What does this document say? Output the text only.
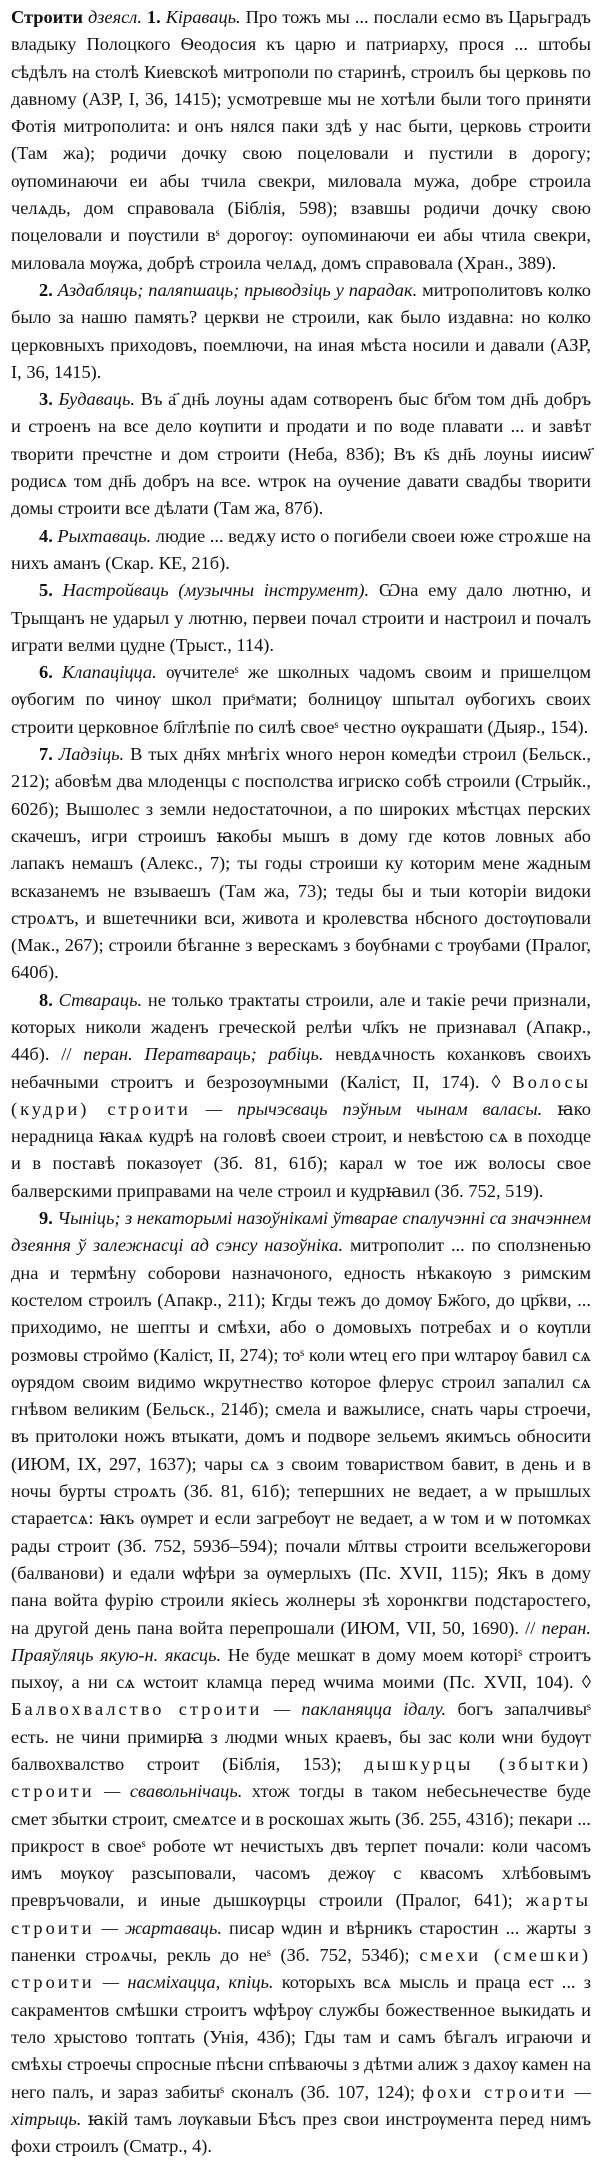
Строити дзеясл. 1. Кіраваць. Про тожъ мы ... послали есмо въ Царьградъ владыку Полоцкого Ѳеодосия къ царю и патриарху, прося ... штобы сѣдѣлъ на столѣ Киевскоѣ митрополи по старинѣ, строилъ бы церковь по давному (АЗР, I, 36, 1415); усмотревше мы не хотѣли были того приняти Фотія митрополита: и онъ нялся паки здѣ у нас быти, церковь строити (Там жа); родичи дочку свою поцеловали и пустили в дорогу; ѹпоминаючи еи абы тчила свекри, миловала мужа, добре строила челѧдь, дом справовала (Біблія, 598); взавшы родичи дочку свою поцеловали и пѹстили вˢ дорогѹ: оупоминаючи еи абы чтила свекри, миловала мѹжа, добрѣ строила челѧд, домъ справовала (Хран., 389).

2. Аздабляць; паляпшаць; прыводзіць у парадак. митрополитовъ колко было за нашю память? церкви не строили, как было издавна: но колко церковныхъ приходовъ, поемлючи, на иная мѣста носили и давали (АЗР, I, 36, 1415).

3. Будаваць. Въ а҃ дн҃ь лоуны адам сотворенъ быс бг҃ом том дн҃ь добръ и строенъ на все дело кѹпити и продати и по воде плавати ... и завѣт творити пречстне и дом строити (Неба, 83б); Въ к҃ѕ дн҃ь лоуны иисиѡ҃ родисѧ том дн҃ь добръ на все. wтрок на оучение давати свадбы творити домы строити все дѣлати (Там жа, 87б).

4. Рыхтаваць. людие ... ведѫу исто о погибели своеи юже строѫше на нихъ аманъ (Скар. КЕ, 21б).

5. Настройваць (музычны інструмент). Ѡна ему дало лютню, и Трыщанъ не ударыл у лютню, первеи почал строити и настроил и почалъ играти велми цудне (Трыст., 114).

6. Клапаціцца. ѹчителеˢ же школных чадомъ своим и пришелцом ѹбогим по чинѹ школ приˢмати; болницѹ шпытал ѹбогихъ своих строити церковное бл҃глѣпіе по силѣ своеˢ честно ѹкрашати (Дыяр., 154).

7. Ладзіць. В тых дн҃ях мнѣгіх ѡного нерон комедѣи строил (Бельск., 212); абовѣм два млоденцы с посполства игриско собѣ строили (Стрыйк., 602б); Вышолес з земли недостаточнои, а по широких мѣстцах перских скачешъ, игри строишъ ꙗкобы мышъ в дому где котов ловных або лапакъ немашъ (Алекс., 7); ты годы строиши ку которим мене жадным всказанемъ не взываешъ (Там жа, 73); теды бы и тыи которіи видоки строѧтъ, и вшетечники вси, живота и кролевства нбсного достѹповали (Мак., 267); строили бѣганне з верескамъ з бѹбнами с трѹбами (Пралог, 640б).

8. Стваpаць. не только трактаты строили, але и такіе речи признали, которых николи жаденъ греческой релѣи чл҃къ не признавал (Апакр., 44б). // перан. Пеpатваpаць; рабіць. невдѧчность коханковъ своихъ небачными строитъ и безрозѹмными (Каліст, II, 174). ◊ Волосы (кудри) строити — прычэсваць пэўным чынам валасы. ꙗко нерадница ꙗкаѧ кудрѣ на головѣ своеи строит, и невѣстою сѧ в походце и в поставѣ показѹет (Зб. 81, 61б); карал ѡ тое иж волосы свое балверскими приправами на челе строил и кудрꙗвил (Зб. 752, 519).

9. Чыніць; з некаторымі назоўнікамі ўтварае спалучэнні са значэннем дзеяння ў залежнасці ад сэнсу назоўніка. митрополит ... по сползненью дна и термѣну соборови назначоного, едность нѣкакѹю з римским костелом строилъ (Апакр., 211); Кгды тежъ до домѹ Бж҃ого, до цр҃кви, ... приходимо, не шепты и смѣхи, або о домовыхъ потребах и о кѹпли розмовы строймо (Каліст, II, 274); тоˢ коли ѡтец его при ѡлтарѹ бавил сѧ ѹрядом своим видимо ѡкрутнество которое флерус строил запалил сѧ гнѣвом великим (Бельск., 214б); смела и важылисе, снать чары строечи, въ притолоки ножъ втыкати, домъ и подворе зельемъ якимъсь обносити (ИЮМ, IX, 297, 1637); чары сѧ з своим товариством бавит, в день и в ночы бурты строѧть (Зб. 81, 61б); тепершних не ведает, а ѡ прышлых стараетсѧ: ꙗкъ ѹмрет и если загребѹт не ведает, а ѡ том и ѡ потомках рады строит (Зб. 752, 593б–594); почали м҃лтвы строити всельжегорови (балванови) и едали ѡфѣри за ѹмерлыхъ (Пс. XVII, 115); Якъ в дому пана войта фурію строили якіесь жолнеры зѣ хоронкгви подстаростего, на другой день пана войта перепрошали (ИЮМ, VII, 50, 1690). // перан. Праяўляць якую-н. якасць. Не буде мешкат в дому моем которіˢ строитъ пыхѹ, а ни сѧ ѡстоит кламца перед ѡчима моими (Пс. XVII, 104). ◊ Балвохвалство строити — пакланяцца ідалу. богъ запалчивыˢ есть. не чини примирꙗ з людми ѡных краевъ, бы зас коли ѡни будѹт балвохвалство строит (Біблія, 153); дышкурцы (збытки) строити — свавольнічаць. хтож тогды в таком небесьнечестве буде смет збытки строит, смеѧтсе и в роскошах жыть (Зб. 255, 431б); пекари ... прикрост в своеˢ роботе ѡт нечистыхъ двъ терпет почали: коли часомъ имъ мѹкѹ разсыповали, часомъ дежѹ с квасомъ хлѣбовымъ превръчовали, и иные дышкѹрцы строили (Пралог, 641); жарты строити — жартаваць. писар ѡдин и вѣрникъ старостин ... жарты з паненки строѧчы, рекль до неˢ (Зб. 752, 534б); смехи (смешки) строити — насміхацца, кпіць. которыхъ всѧ мысль и праца ест ... з сакраментов смѣшки строитъ ѡфѣрѹ службы божественное выкидать и тело хрыстово топтать (Унія, 43б); Гды там и самъ бѣгалъ играючи и смѣхы строечы спросные пѣсни спѣваючы з дѣтми алиж з дахѹ камен на него палъ, и зараз забитыˢ сконалъ (Зб. 107, 124); фохи строити — хітрыць. ꙗкій тамъ лѹкавыи Бѣсъ през свои инстрѹмента перед нимъ фохи строилъ (Сматр., 4).
